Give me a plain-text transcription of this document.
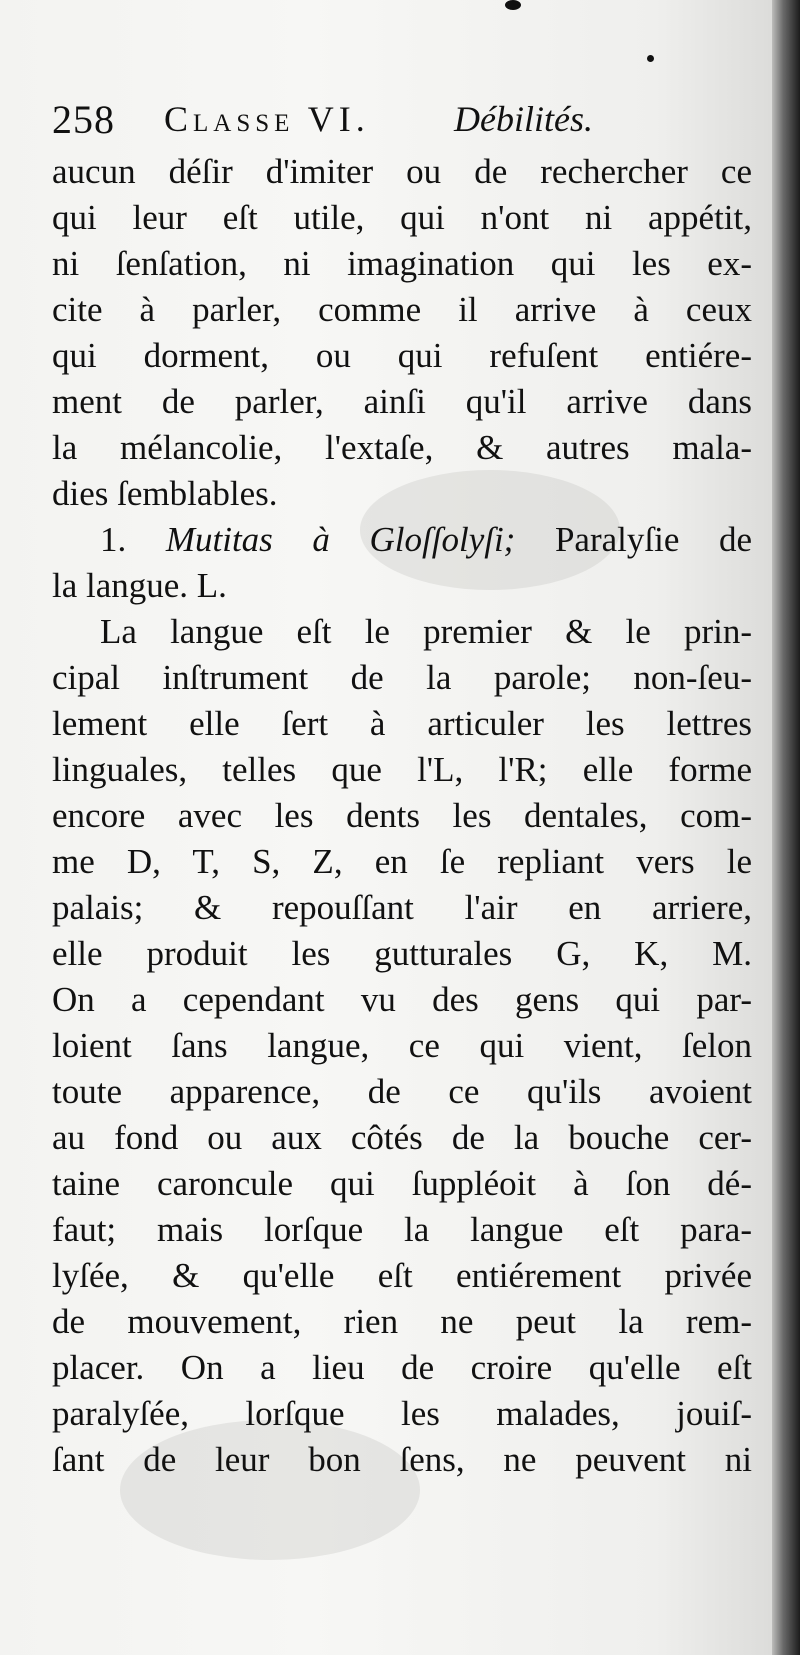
258 Classe VI. Débilités.
aucun déſir d'imiter ou de rechercher ce
qui leur eſt utile, qui n'ont ni appétit,
ni ſenſation, ni imagination qui les ex-
cite à parler, comme il arrive à ceux
qui dorment, ou qui refuſent entiére-
ment de parler, ainſi qu'il arrive dans
la mélancolie, l'extaſe, & autres mala-
dies ſemblables.
1. Mutitas à Gloſſolyſi; Paralyſie de
la langue. L.
La langue eſt le premier & le prin-
cipal inſtrument de la parole; non-ſeu-
lement elle ſert à articuler les lettres
linguales, telles que l'L, l'R; elle forme
encore avec les dents les dentales, com-
me D, T, S, Z, en ſe repliant vers le
palais; & repouſſant l'air en arriere,
elle produit les gutturales G, K, M.
On a cependant vu des gens qui par-
loient ſans langue, ce qui vient, ſelon
toute apparence, de ce qu'ils avoient
au fond ou aux côtés de la bouche cer-
taine caroncule qui ſuppléoit à ſon dé-
faut; mais lorſque la langue eſt para-
lyſée, & qu'elle eſt entiérement privée
de mouvement, rien ne peut la rem-
placer. On a lieu de croire qu'elle eſt
paralyſée, lorſque les malades, jouiſ-
ſant de leur bon ſens, ne peuvent ni
